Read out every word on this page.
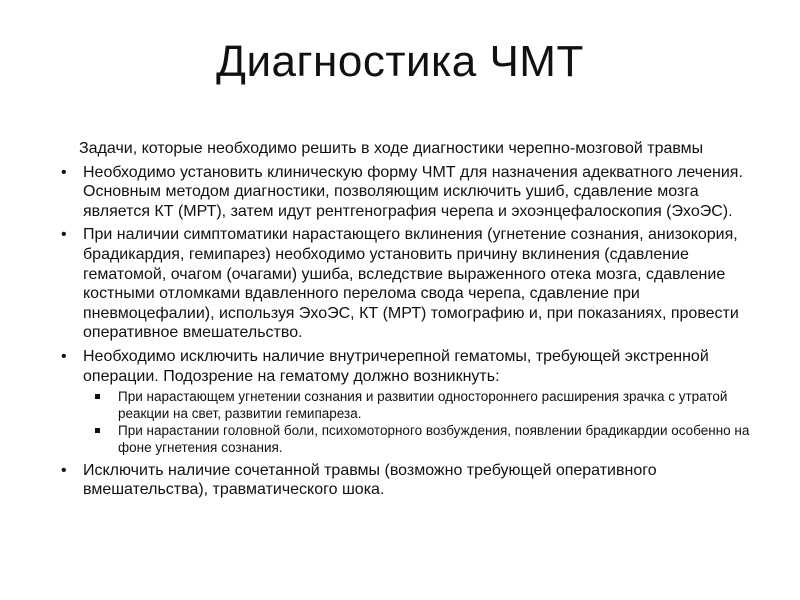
Диагностика ЧМТ

Задачи, которые необходимо решить в ходе диагностики черепно-мозговой травмы

• Необходимо установить клиническую форму ЧМТ для назначения адекватного лечения. Основным методом диагностики, позволяющим исключить ушиб, сдавление мозга является КТ (МРТ), затем идут рентгенография черепа и эхоэнцефалоскопия (ЭхоЭС).
• При наличии симптоматики нарастающего вклинения (угнетение сознания, анизокория, брадикардия, гемипарез) необходимо установить причину вклинения (сдавление гематомой, очагом (очагами) ушиба, вследствие выраженного отека мозга, сдавление костными отломками вдавленного перелома свода черепа, сдавление при пневмоцефалии), используя ЭхоЭС, КТ (МРТ) томографию и, при показаниях, провести оперативное вмешательство.
• Необходимо исключить наличие внутричерепной гематомы, требующей экстренной операции. Подозрение на гематому должно возникнуть:
При нарастающем угнетении сознания и развитии одностороннего расширения зрачка с утратой реакции на свет, развитии гемипареза.
При нарастании головной боли, психомоторного возбуждения, появлении брадикардии особенно на фоне угнетения сознания.
• Исключить наличие сочетанной травмы (возможно требующей оперативного вмешательства), травматического шока.
